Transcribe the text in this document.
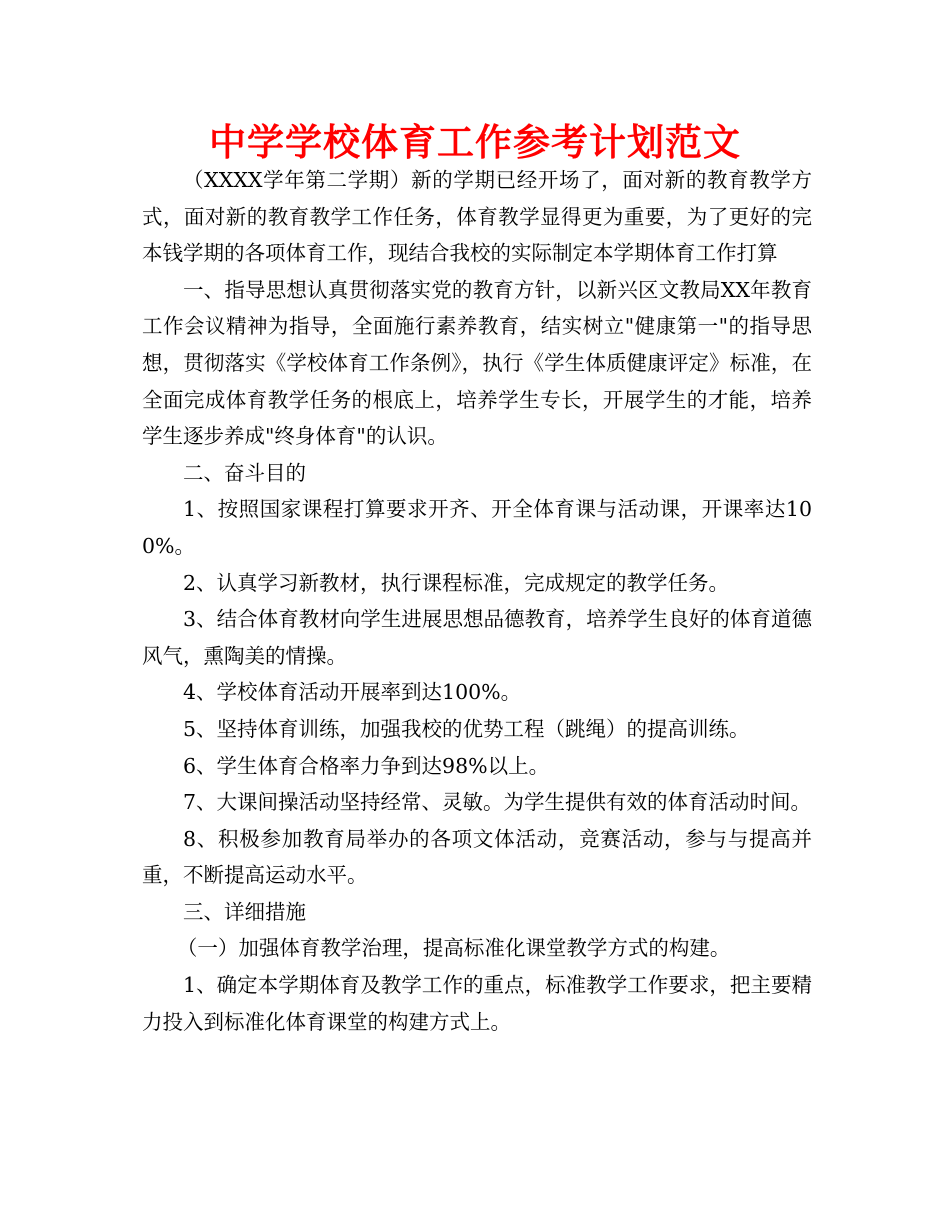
中学学校体育工作参考计划范文

（XXXX学年第二学期）新的学期已经开场了，面对新的教育教学方式，面对新的教育教学工作任务，体育教学显得更为重要，为了更好的完本钱学期的各项体育工作，现结合我校的实际制定本学期体育工作打算

一、指导思想认真贯彻落实党的教育方针，以新兴区文教局XX年教育工作会议精神为指导，全面施行素养教育，结实树立"健康第一"的指导思想，贯彻落实《学校体育工作条例》，执行《学生体质健康评定》标准，在全面完成体育教学任务的根底上，培养学生专长，开展学生的才能，培养学生逐步养成"终身体育"的认识。

二、奋斗目的

1、按照国家课程打算要求开齐、开全体育课与活动课，开课率达100%。

2、认真学习新教材，执行课程标准，完成规定的教学任务。

3、结合体育教材向学生进展思想品德教育，培养学生良好的体育道德风气，熏陶美的情操。

4、学校体育活动开展率到达100%。

5、坚持体育训练，加强我校的优势工程（跳绳）的提高训练。

6、学生体育合格率力争到达98%以上。

7、大课间操活动坚持经常、灵敏。为学生提供有效的体育活动时间。

8、积极参加教育局举办的各项文体活动，竞赛活动，参与与提高并重，不断提高运动水平。

三、详细措施

（一）加强体育教学治理，提高标准化课堂教学方式的构建。

1、确定本学期体育及教学工作的重点，标准教学工作要求，把主要精力投入到标准化体育课堂的构建方式上。
